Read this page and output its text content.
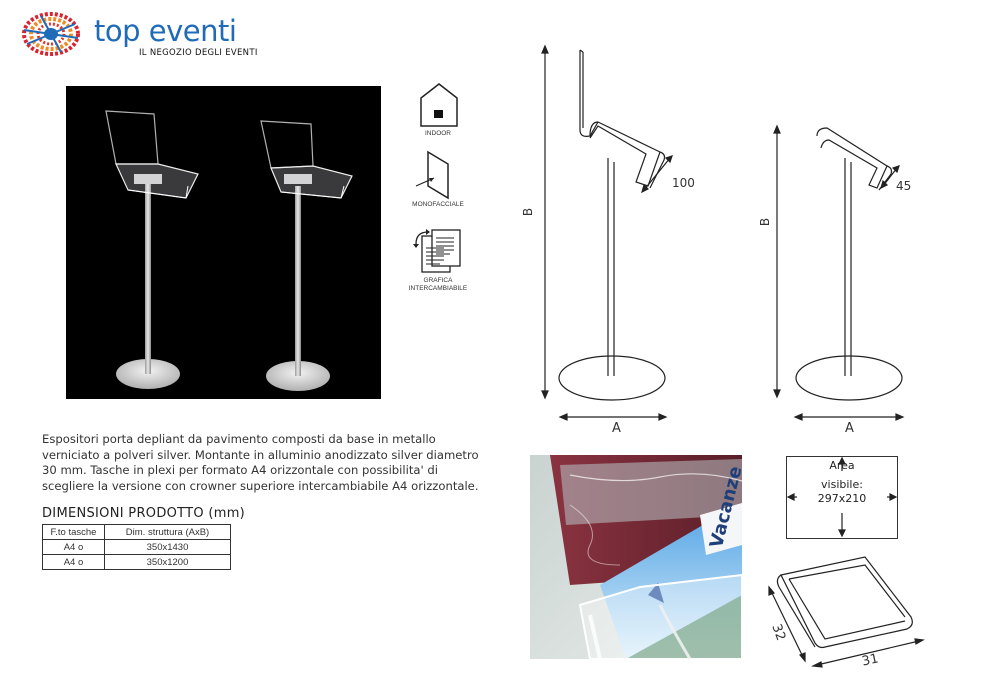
top eventi
IL NEGOZIO DEGLI EVENTI
INDOOR
MONOFACCIALE
GRAFICA
INTERCAMBIABILE
B
100
A
B
45
A
Espositori porta depliant da pavimento composti da base in metallo verniciato a polveri silver. Montante in alluminio anodizzato silver diametro 30 mm. Tasche in plexi per formato A4 orizzontale con possibilita' di scegliere la versione con crowner superiore intercambiabile A4 orizzontale.
DIMENSIONI PRODOTTO (mm)
F.to tasche	Dim. struttura (AxB)
A4 o	350x1430
A4 o	350x1200
Vacanze	Area
visibile:
297x210
32
31
